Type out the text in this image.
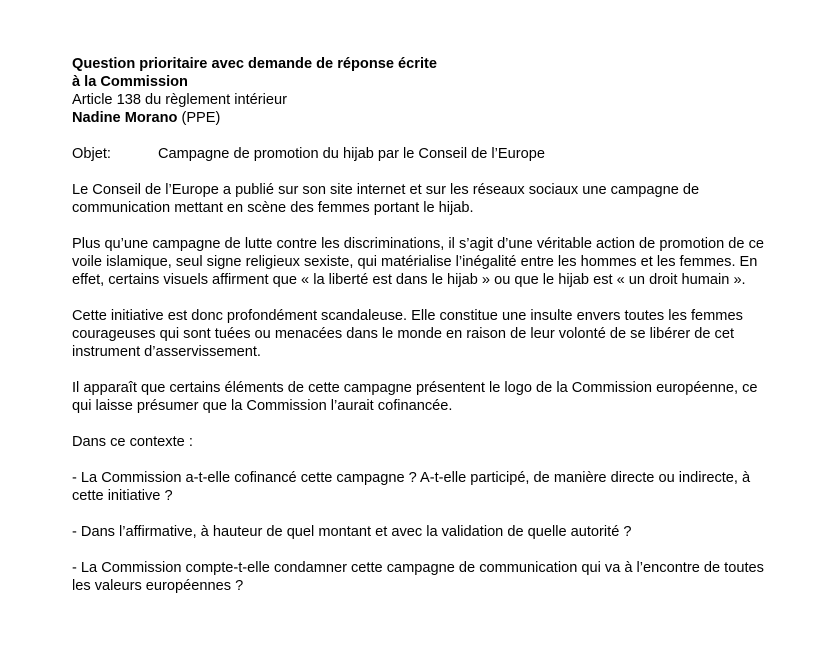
Question prioritaire avec demande de réponse écrite
à la Commission
Article 138 du règlement intérieur
Nadine Morano (PPE)
Objet:	Campagne de promotion du hijab par le Conseil de l’Europe

Le Conseil de l’Europe a publié sur son site internet et sur les réseaux sociaux une campagne de communication mettant en scène des femmes portant le hijab.

Plus qu’une campagne de lutte contre les discriminations, il s’agit d’une véritable action de promotion de ce voile islamique, seul signe religieux sexiste, qui matérialise l’inégalité entre les hommes et les femmes. En effet, certains visuels affirment que « la liberté est dans le hijab » ou que le hijab est « un droit humain ».

Cette initiative est donc profondément scandaleuse. Elle constitue une insulte envers toutes les femmes courageuses qui sont tuées ou menacées dans le monde en raison de leur volonté de se libérer de cet instrument d’asservissement.

Il apparaît que certains éléments de cette campagne présentent le logo de la Commission européenne, ce qui laisse présumer que la Commission l’aurait cofinancée.

Dans ce contexte :

- La Commission a-t-elle cofinancé cette campagne ? A-t-elle participé, de manière directe ou indirecte, à cette initiative ?

- Dans l’affirmative, à hauteur de quel montant et avec la validation de quelle autorité ?

- La Commission compte-t-elle condamner cette campagne de communication qui va à l’encontre de toutes les valeurs européennes ?
